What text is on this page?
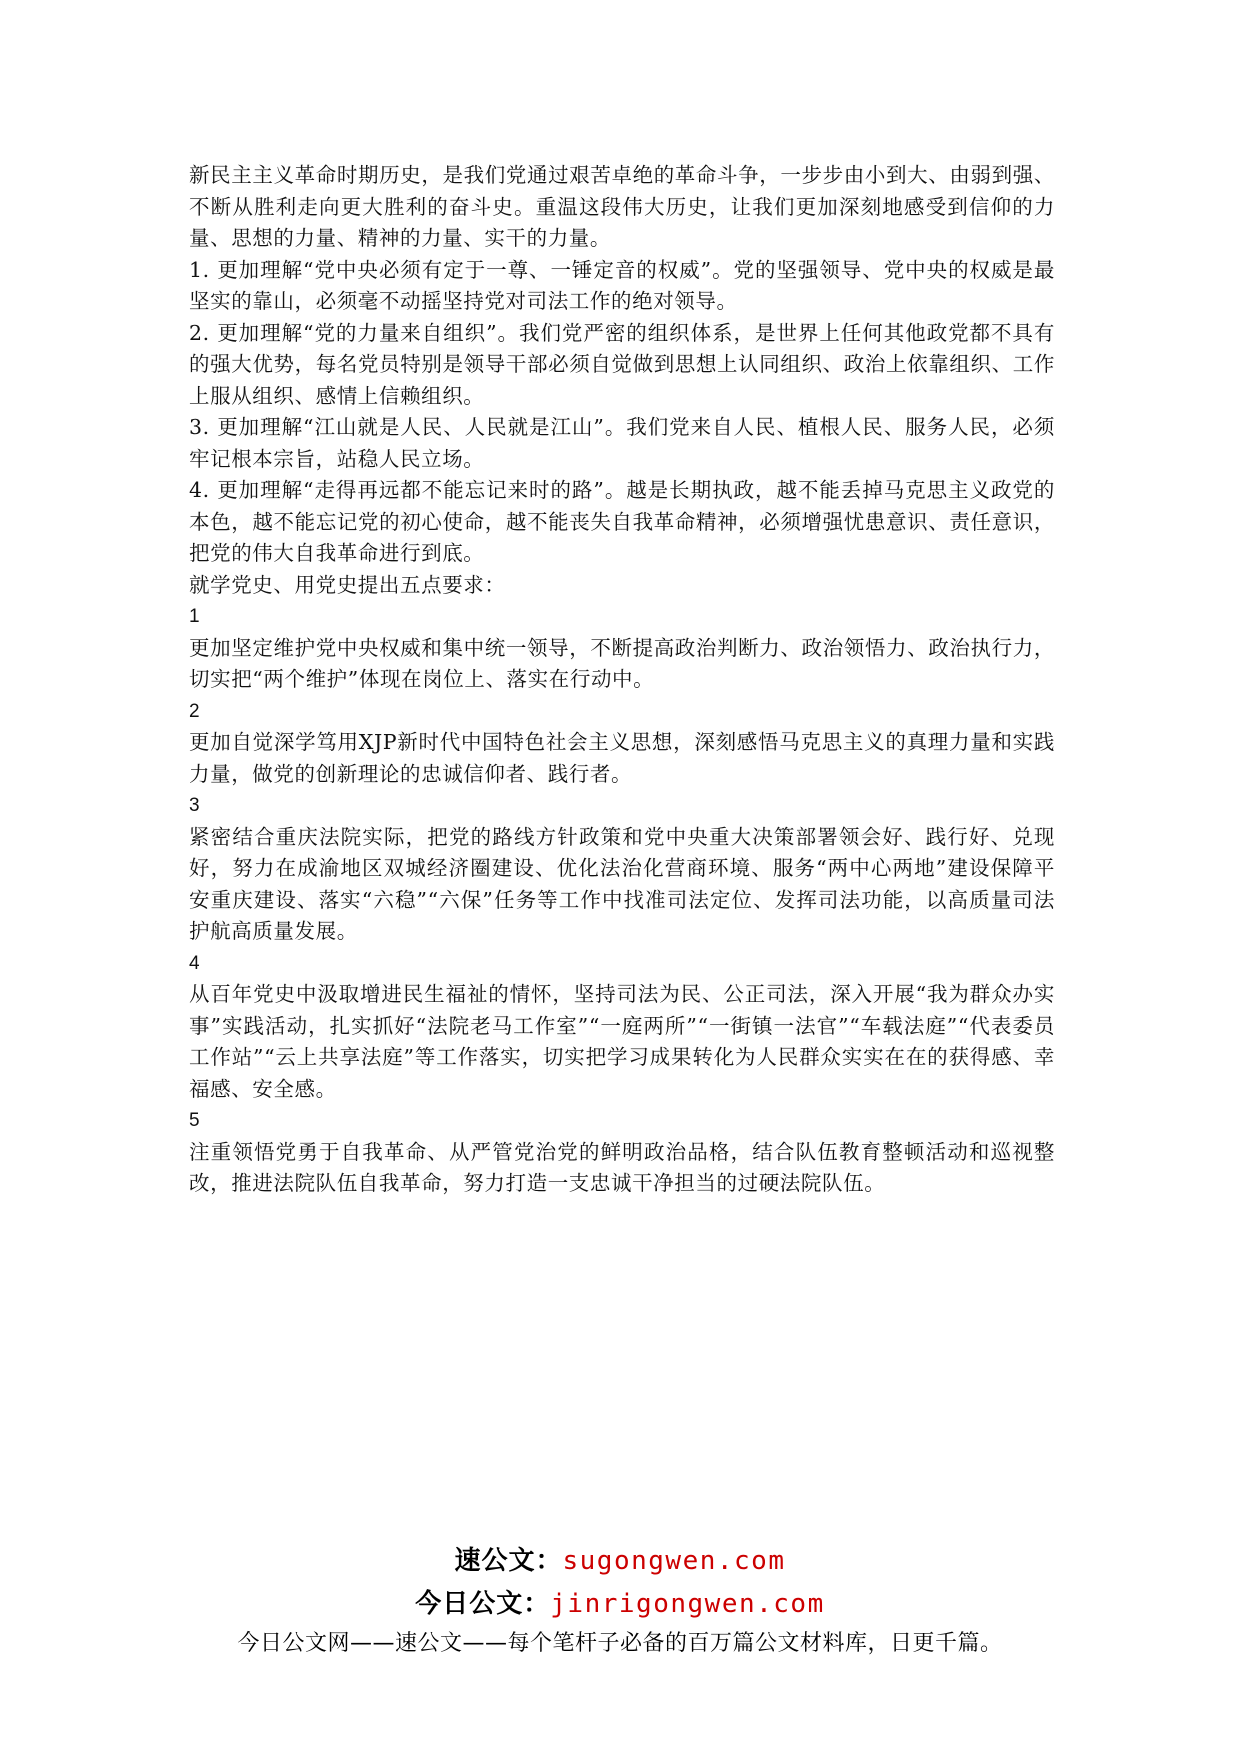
新民主主义革命时期历史，是我们党通过艰苦卓绝的革命斗争，一步步由小到大、由弱到强、不断从胜利走向更大胜利的奋斗史。重温这段伟大历史，让我们更加深刻地感受到信仰的力量、思想的力量、精神的力量、实干的力量。

1. 更加理解“党中央必须有定于一尊、一锤定音的权威”。党的坚强领导、党中央的权威是最坚实的靠山，必须毫不动摇坚持党对司法工作的绝对领导。

2. 更加理解“党的力量来自组织”。我们党严密的组织体系，是世界上任何其他政党都不具有的强大优势，每名党员特别是领导干部必须自觉做到思想上认同组织、政治上依靠组织、工作上服从组织、感情上信赖组织。

3. 更加理解“江山就是人民、人民就是江山”。我们党来自人民、植根人民、服务人民，必须牢记根本宗旨，站稳人民立场。

4. 更加理解“走得再远都不能忘记来时的路”。越是长期执政，越不能丢掉马克思主义政党的本色，越不能忘记党的初心使命，越不能丧失自我革命精神，必须增强忧患意识、责任意识，把党的伟大自我革命进行到底。

就学党史、用党史提出五点要求：

1

更加坚定维护党中央权威和集中统一领导，不断提高政治判断力、政治领悟力、政治执行力，切实把“两个维护”体现在岗位上、落实在行动中。

2

更加自觉深学笃用XJP新时代中国特色社会主义思想，深刻感悟马克思主义的真理力量和实践力量，做党的创新理论的忠诚信仰者、践行者。

3

紧密结合重庆法院实际，把党的路线方针政策和党中央重大决策部署领会好、践行好、兑现好，努力在成渝地区双城经济圈建设、优化法治化营商环境、服务“两中心两地”建设保障平安重庆建设、落实“六稳”“六保”任务等工作中找准司法定位、发挥司法功能，以高质量司法护航高质量发展。

4

从百年党史中汲取增进民生福祉的情怀，坚持司法为民、公正司法，深入开展“我为群众办实事”实践活动，扎实抓好“法院老马工作室”“一庭两所”“一街镇一法官”“车载法庭”“代表委员工作站”“云上共享法庭”等工作落实，切实把学习成果转化为人民群众实实在在的获得感、幸福感、安全感。

5

注重领悟党勇于自我革命、从严管党治党的鲜明政治品格，结合队伍教育整顿活动和巡视整改，推进法院队伍自我革命，努力打造一支忠诚干净担当的过硬法院队伍。

速公文：sugongwen.com
今日公文：jinrigongwen.com
今日公文网——速公文——每个笔杆子必备的百万篇公文材料库，日更千篇。
